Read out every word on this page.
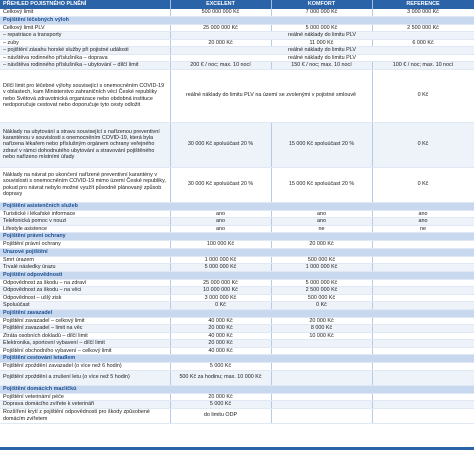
PŘEHLED POJISTNÉHO PLNĚNÍ	EXCELENT	KOMFORT	REFERENCE
Celkový limit	500 000 000 Kč	7 000 000 Kč	3 000 000 Kč
Pojištění léčebných výloh			
Celkový limit PLV	25 000 000 Kč	5 000 000 Kč	2 500 000 Kč
– repatriace a transporty	reálné náklady do limitu PLV		
– zuby	20 000 Kč	11 000 Kč	6 000 Kč
– pojištění zásahu horské služby při pojistné události	reálné náklady do limitu PLV		
– návštěva rodinného příslušníka – doprava	reálné náklady do limitu PLV		
– návštěva rodinného příslušníka – ubytování – dílčí limit	200 € / noc; max. 10 nocí	150 € / noc; max. 10 nocí	100 € / noc; max. 10 nocí
Dílčí limit pro léčebné výlohy související s onemocněním COVID-19 v oblastech, kam Ministerstvo zahraničních věcí České republiky nebo Světová zdravotnická organizace nebo obdobná instituce nedoporučuje cestovat nebo doporučuje tyto cesty odložit	reálné náklady do limitu PLV na území se zvolenými v pojistné smlouvě		0 Kč
Náklady na ubytování a stravu související s nařízenou preventivní karanténou v souvislosti s onemocněním COVID-19, která byla nařízena lékařem nebo příslušným orgánem ochrany veřejného zdraví v rámci dohodnutého ubytování a stravování pojištěného nebo nařízeno místními úřady	30 000 Kč spoluúčast 20 %	15 000 Kč spoluúčast 20 %	0 Kč
Náklady na návrat po ukončení nařízené preventivní karantény v souvislosti s onemocněním COVID-19 mimo území České republiky, pokud pro návrat nebylo možné využít původně plánovaný způsob dopravy	30 000 Kč spoluúčast 20 %	15 000 Kč spoluúčast 20 %	0 Kč
Pojištění asistenčních služeb			
Turistické i lékařské informace	ano	ano	ano
Telefonická pomoc v nouzi	ano	ano	ano
Lifestyle asistence	ano	ne	ne
Pojištění právní ochrany			
Pojištění právní ochrany	100 000 Kč	20 000 Kč	
Úrazové pojištění			
Smrt úrazem	1 000 000 Kč	500 000 Kč	
Trvalé následky úrazu	5 000 000 Kč	1 000 000 Kč	
Pojištění odpovědnosti			
Odpovědnost za škodu – na zdraví	25 000 000 Kč	5 000 000 Kč	
Odpovědnost za škodu – na věci	10 000 000 Kč	2 500 000 Kč	
Odpovědnost – ušlý zisk	3 000 000 Kč	500 000 Kč	
Spoluúčast	0 Kč	0 Kč	
Pojištění zavazadel			
Pojištění zavazadel – celkový limit	40 000 Kč	20 000 Kč	
Pojištění zavazadel – limit na věc	20 000 Kč	8 000 Kč	
Ztráta osobních dokladů – dílčí limit	40 000 Kč	10 000 Kč	
Elektronika, sportovní vybavení – dílčí limit	20 000 Kč		
Pojištění obchodního vybavení – celkový limit	40 000 Kč		
Pojištění cestování letadlem			
Pojištění zpoždění zavazadel (o více než 6 hodin)	5 000 Kč		
Pojištění zpoždění a zrušení letu (o více než 5 hodin)	500 Kč za hodinu; max. 10 000 Kč		
Pojištění domácích mazlíčků			
Pojištění veterinární péče	20 000 Kč		
Doprava domácího zvířete k veterináři	5 000 Kč		
Rozšíření krytí z pojištění odpovědnosti pro škody způsobené domácím zvířetem	do limitu ODP		
